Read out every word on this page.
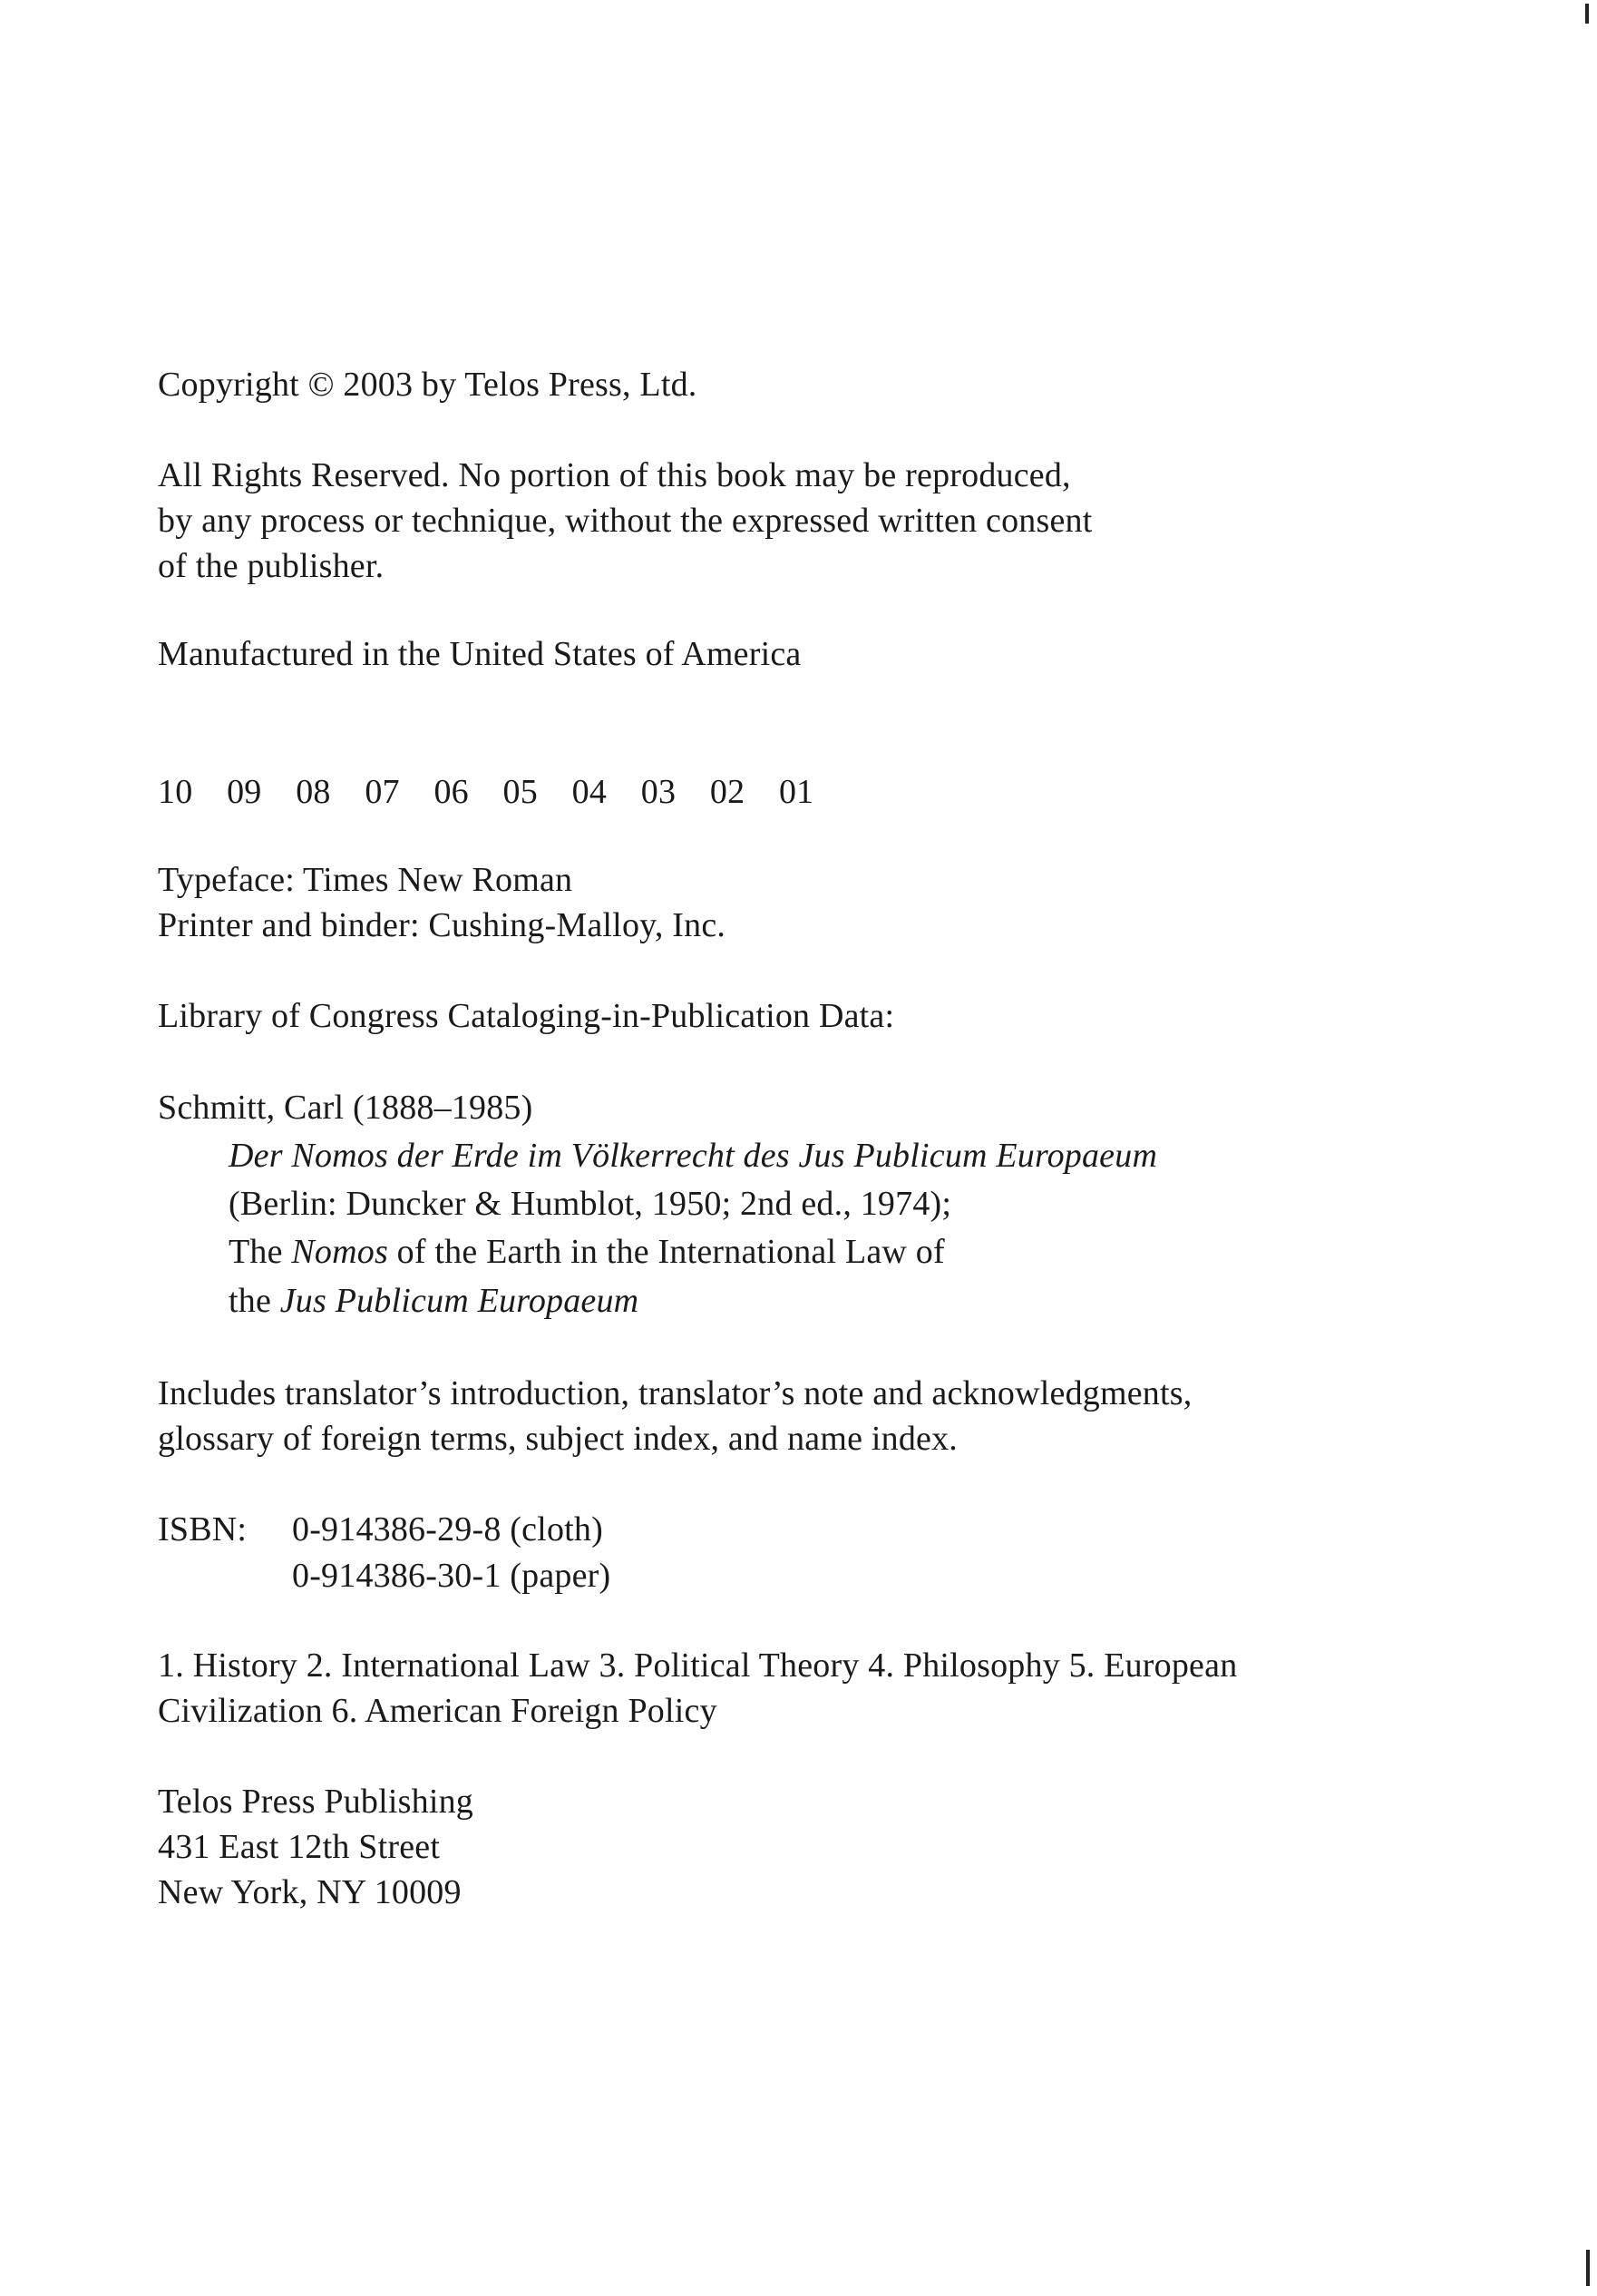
Copyright © 2003 by Telos Press, Ltd.
All Rights Reserved. No portion of this book may be reproduced,
by any process or technique, without the expressed written consent
of the publisher.
Manufactured in the United States of America
10 09 08 07 06 05 04 03 02 01
Typeface: Times New Roman
Printer and binder: Cushing-Malloy, Inc.
Library of Congress Cataloging-in-Publication Data:
Schmitt, Carl (1888–1985)
Der Nomos der Erde im Völkerrecht des Jus Publicum Europaeum
(Berlin: Duncker & Humblot, 1950; 2nd ed., 1974);
The Nomos of the Earth in the International Law of
the Jus Publicum Europaeum
Includes translator’s introduction, translator’s note and acknowledgments,
glossary of foreign terms, subject index, and name index.
ISBN: 0-914386-29-8 (cloth)
0-914386-30-1 (paper)
1. History 2. International Law 3. Political Theory 4. Philosophy 5. European
Civilization 6. American Foreign Policy
Telos Press Publishing
431 East 12th Street
New York, NY 10009
